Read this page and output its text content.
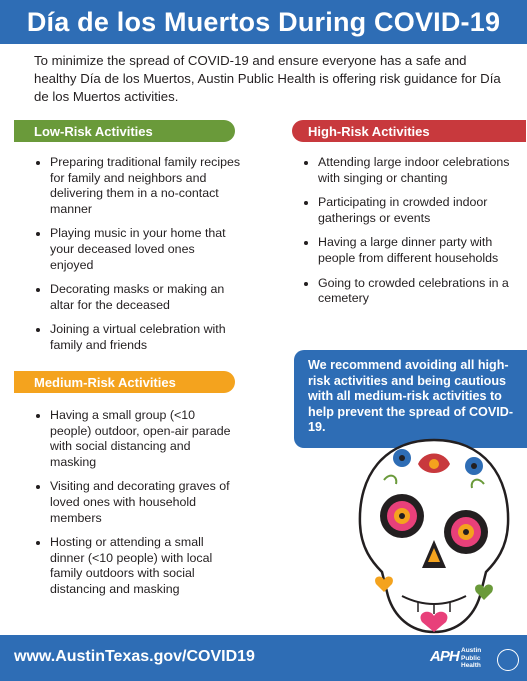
Día de los Muertos During COVID-19

To minimize the spread of COVID-19 and ensure everyone has a safe and healthy Día de los Muertos, Austin Public Health is offering risk guidance for Día de los Muertos activities.

Low-Risk Activities
Preparing traditional family recipes for family and neighbors and delivering them in a no-contact manner
Playing music in your home that your deceased loved ones enjoyed
Decorating masks or making an altar for the deceased
Joining a virtual celebration with family and friends
Medium-Risk Activities
Having a small group (<10 people) outdoor, open-air parade with social distancing and masking
Visiting and decorating graves of loved ones with household members
Hosting or attending a small dinner (<10 people) with local family outdoors with social distancing and masking
High-Risk Activities
Attending large indoor celebrations with singing or chanting
Participating in crowded indoor gatherings or events
Having a large dinner party with people from different households
Going to crowded celebrations in a cemetery
We recommend avoiding all high-risk activities and being cautious with all medium-risk activities to help prevent the spread of COVID-19.
www.AustinTexas.gov/COVID19	APH Austin Public Health
